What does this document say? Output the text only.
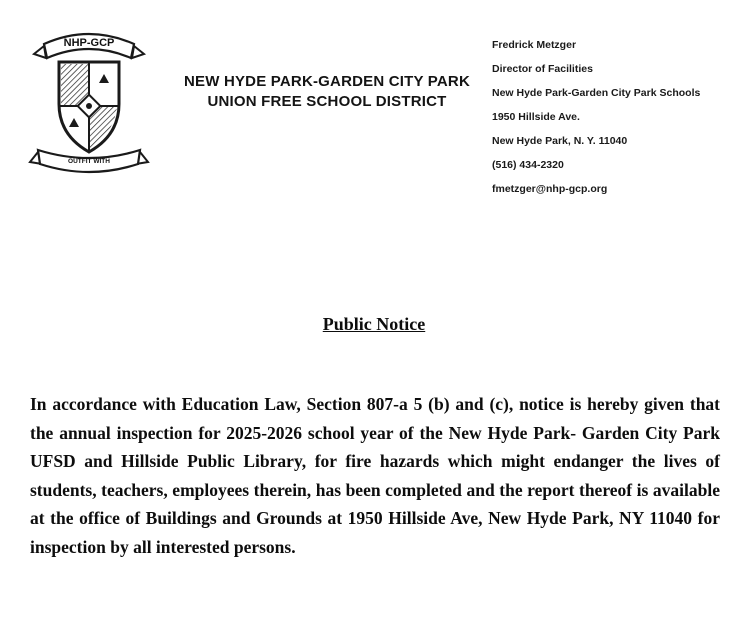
NHP-GCP
OUTFIT WITH
NEW HYDE PARK-GARDEN CITY PARK
UNION FREE SCHOOL DISTRICT
Fredrick Metzger
Director of Facilities
New Hyde Park-Garden City Park Schools
1950 Hillside Ave.
New Hyde Park, N. Y. 11040
(516) 434-2320
fmetzger@nhp-gcp.org
Public Notice
In accordance with Education Law, Section 807-a 5 (b) and (c), notice is hereby given that the annual inspection for 2025-2026 school year of the New Hyde Park- Garden City Park UFSD and Hillside Public Library, for fire hazards which might endanger the lives of students, teachers, employees therein, has been completed and the report thereof is available at the office of Buildings and Grounds at 1950 Hillside Ave, New Hyde Park, NY 11040 for inspection by all interested persons.
